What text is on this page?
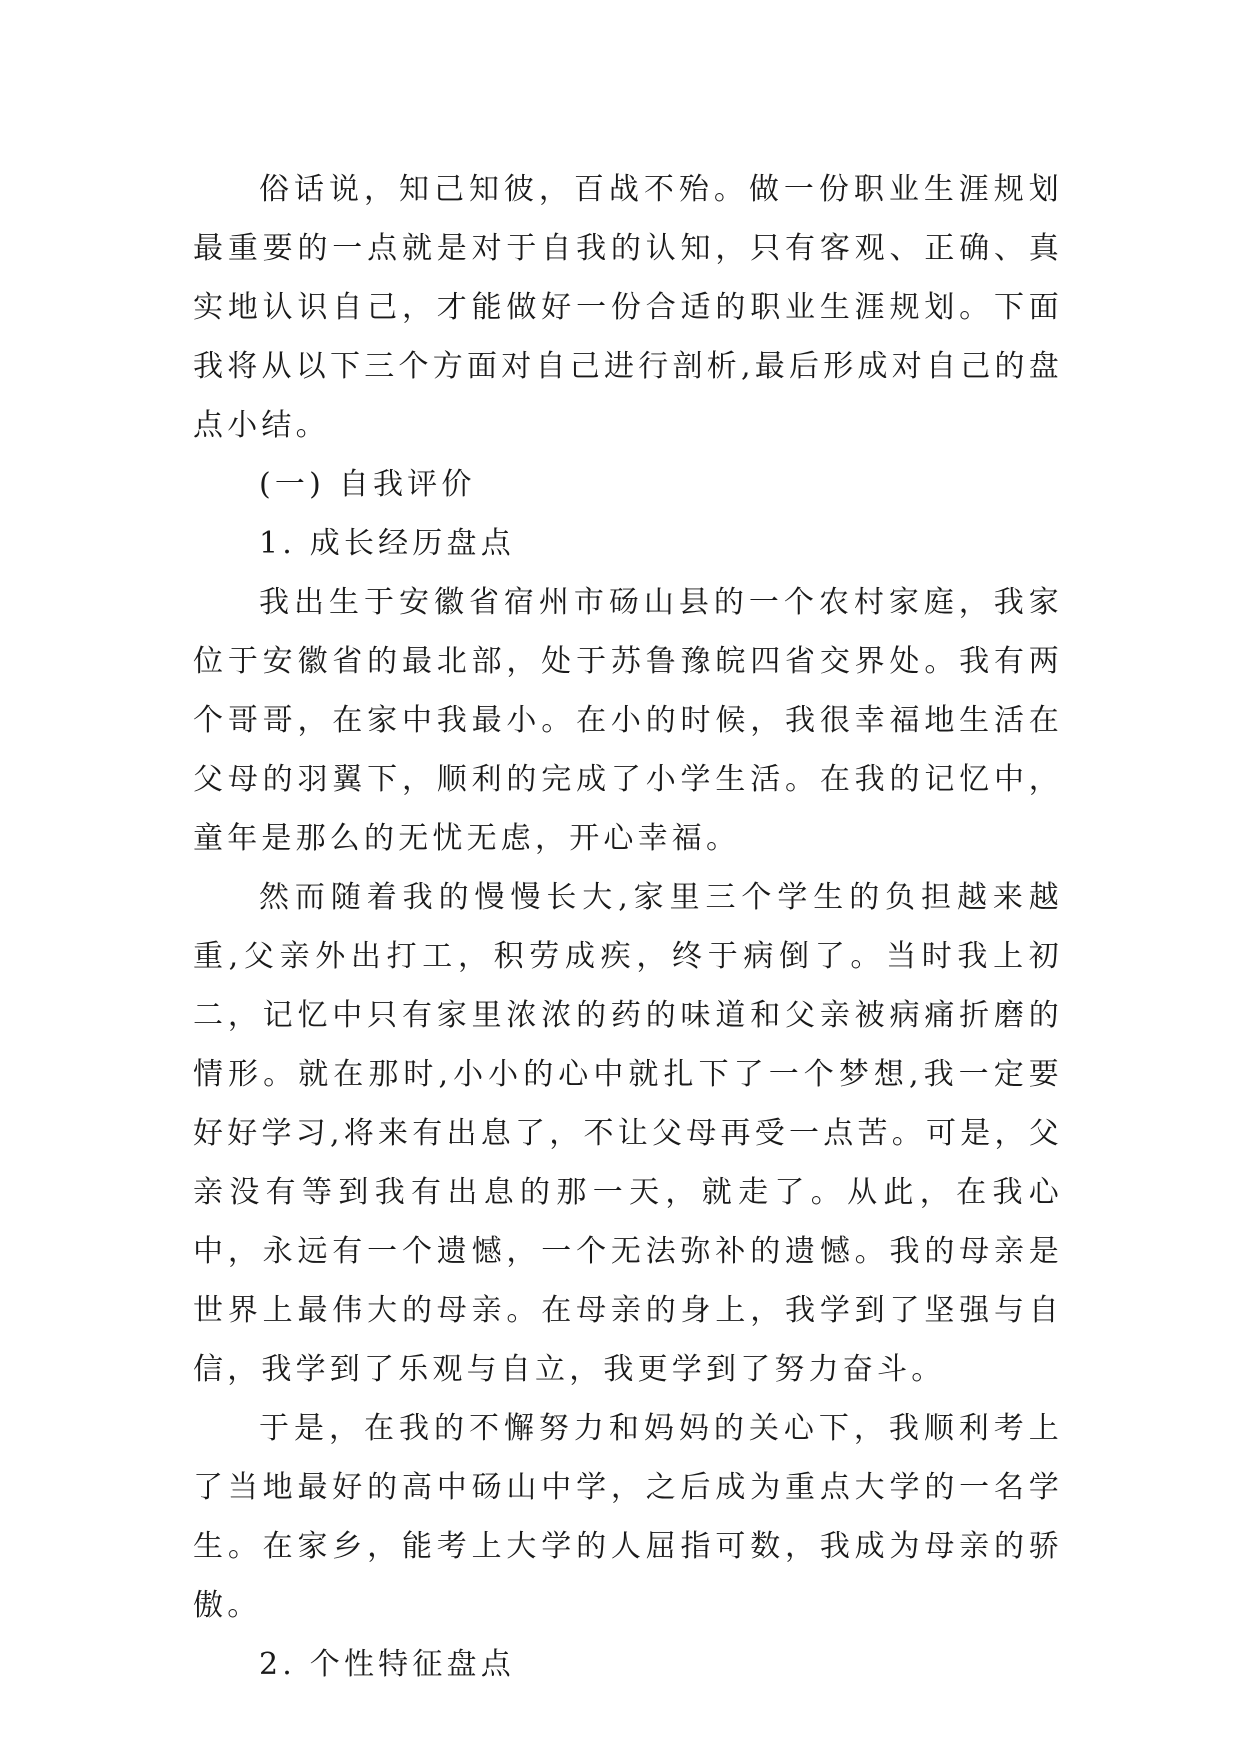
俗话说，知己知彼，百战不殆。做一份职业生涯规划最重要的一点就是对于自我的认知，只有客观、正确、真实地认识自己，才能做好一份合适的职业生涯规划。下面我将从以下三个方面对自己进行剖析,最后形成对自己的盘点小结。

(一) 自我评价

1. 成长经历盘点

我出生于安徽省宿州市砀山县的一个农村家庭，我家位于安徽省的最北部，处于苏鲁豫皖四省交界处。我有两个哥哥，在家中我最小。在小的时候，我很幸福地生活在父母的羽翼下，顺利的完成了小学生活。在我的记忆中，童年是那么的无忧无虑，开心幸福。

然而随着我的慢慢长大,家里三个学生的负担越来越重,父亲外出打工，积劳成疾，终于病倒了。当时我上初二，记忆中只有家里浓浓的药的味道和父亲被病痛折磨的情形。就在那时,小小的心中就扎下了一个梦想,我一定要好好学习,将来有出息了，不让父母再受一点苦。可是，父亲没有等到我有出息的那一天，就走了。从此，在我心中，永远有一个遗憾，一个无法弥补的遗憾。我的母亲是世界上最伟大的母亲。在母亲的身上，我学到了坚强与自信，我学到了乐观与自立，我更学到了努力奋斗。

于是，在我的不懈努力和妈妈的关心下，我顺利考上了当地最好的高中砀山中学，之后成为重点大学的一名学生。在家乡，能考上大学的人屈指可数，我成为母亲的骄傲。

2. 个性特征盘点
